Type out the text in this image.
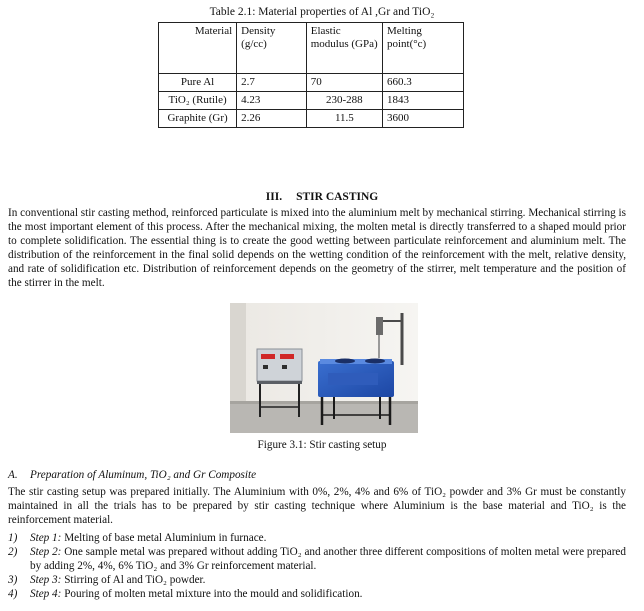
Table 2.1: Material properties of Al ,Gr and TiO₂
Material	Density (g/cc)	Elastic modulus (GPa)	Melting point(°c)
Pure Al	2.7	70	660.3
TiO₂ (Rutile)	4.23	230-288	1843
Graphite (Gr)	2.26	11.5	3600
III. STIR CASTING

In conventional stir casting method, reinforced particulate is mixed into the aluminium melt by mechanical stirring. Mechanical stirring is the most important element of this process. After the mechanical mixing, the molten metal is directly transferred to a shaped mould prior to complete solidification. The essential thing is to create the good wetting between particulate reinforcement and aluminium melt. The distribution of the reinforcement in the final solid depends on the wetting condition of the reinforcement with the melt, relative density, and rate of solidification etc. Distribution of reinforcement depends on the geometry of the stirrer, melt temperature and the position of the stirrer in the melt.

Figure 3.1: Stir casting setup
A. Preparation of Aluminum, TiO₂ and Gr Composite

The stir casting setup was prepared initially. The Aluminium with 0%, 2%, 4% and 6% of TiO₂ powder and 3% Gr must be constantly maintained in all the trials has to be prepared by stir casting technique where Aluminium is the base material and TiO₂ is the reinforcement material.

1) Step 1: Melting of base metal Aluminium in furnace.
2) Step 2: One sample metal was prepared without adding TiO₂ and another three different compositions of molten metal were prepared by adding 2%, 4%, 6% TiO₂ and 3% Gr reinforcement material.
3) Step 3: Stirring of Al and TiO₂ powder.
4) Step 4: Pouring of molten metal mixture into the mould and solidification.
